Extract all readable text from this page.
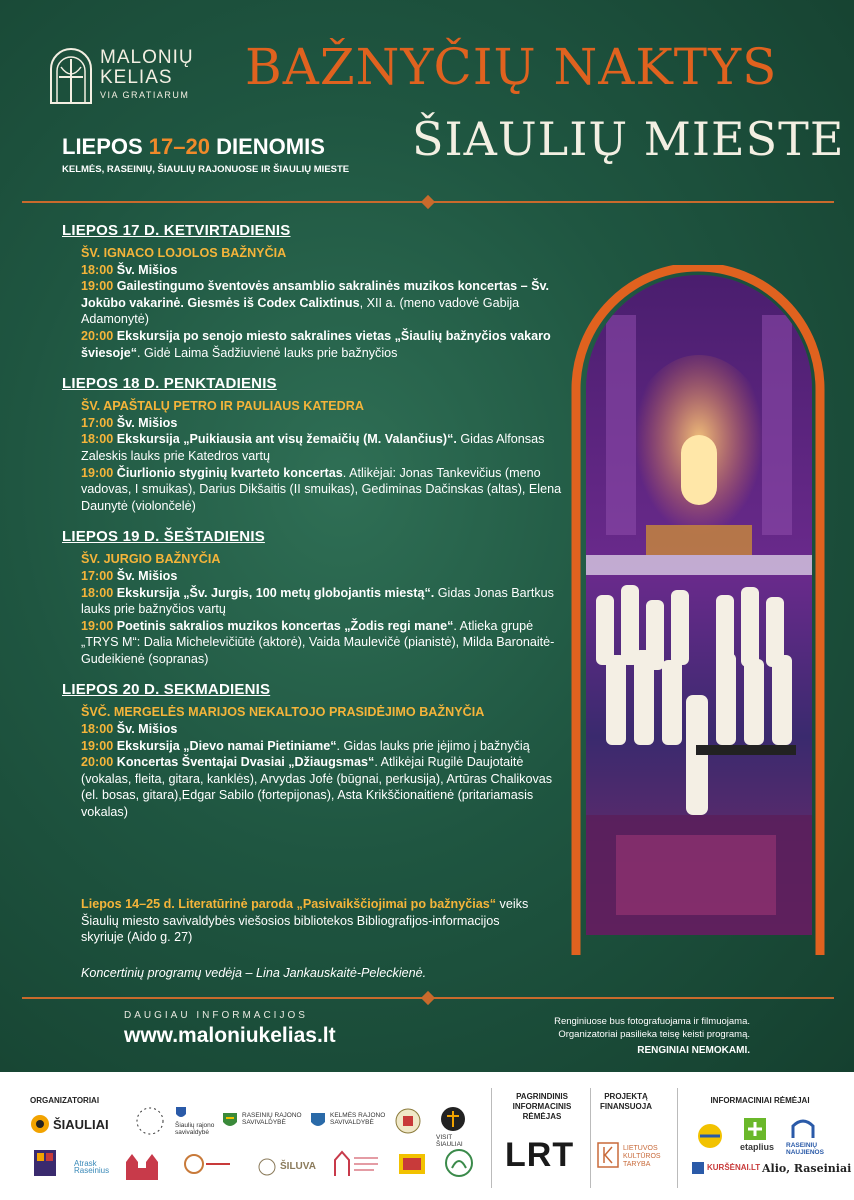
MALONIŲ
KELIAS
VIA GRATIARUM BAŽNYČIŲ NAKTYS
ŠIAULIŲ MIESTE
LIEPOS 17–20 DIENOMIS
KELMĖS, RASEINIŲ, ŠIAULIŲ RAJONUOSE IR ŠIAULIŲ MIESTE
LIEPOS 17 D. KETVIRTADIENIS
ŠV. IGNACO LOJOLOS BAŽNYČIA
18:00 Šv. Mišios
19:00 Gailestingumo šventovės ansamblio sakralinės muzikos koncertas – Šv. Jokūbo vakarinė. Giesmės iš Codex Calixtinus, XII a. (meno vadovė Gabija Adamonytė)
20:00 Ekskursija po senojo miesto sakralines vietas „Šiaulių bažnyčios vakaro šviesoje“. Gidė Laima Šadžiuvienė lauks prie bažnyčios
LIEPOS 18 D. PENKTADIENIS
ŠV. APAŠTALŲ PETRO IR PAULIAUS KATEDRA
17:00 Šv. Mišios
18:00 Ekskursija „Puikiausia ant visų žemaičių (M. Valančius)“. Gidas Alfonsas Zaleskis lauks prie Katedros vartų
19:00 Čiurlionio styginių kvarteto koncertas. Atlikėjai: Jonas Tankevičius (meno vadovas, I smuikas), Darius Dikšaitis (II smuikas), Gediminas Dačinskas (altas), Elena Daunytė (violončelė)
LIEPOS 19 D. ŠEŠTADIENIS
ŠV. JURGIO BAŽNYČIA
17:00 Šv. Mišios
18:00 Ekskursija „Šv. Jurgis, 100 metų globojantis miestą“. Gidas Jonas Bartkus lauks prie bažnyčios vartų
19:00 Poetinis sakralios muzikos koncertas „Žodis regi mane“. Atlieka grupė „TRYS M“: Dalia Michelevičiūtė (aktorė), Vaida Maulevičė (pianistė), Milda Baronaitė-Gudeikienė (sopranas)
LIEPOS 20 D. SEKMADIENIS
ŠVČ. MERGELĖS MARIJOS NEKALTOJO PRASIDĖJIMO BAŽNYČIA
18:00 Šv. Mišios
19:00 Ekskursija „Dievo namai Pietiniame“. Gidas lauks prie įėjimo į bažnyčią
20:00 Koncertas Šventajai Dvasiai „Džiaugsmas“. Atlikėjai Rugilė Daujotaitė (vokalas, fleita, gitara, kanklės), Arvydas Jofė (būgnai, perkusija), Artūras Chalikovas (el. bosas, gitara),Edgar Sabilo (fortepijonas), Asta Krikščionaitienė (pritariamasis vokalas)
Liepos 14–25 d. Literatūrinė paroda „Pasivaikščiojimai po bažnyčias“ veiks Šiaulių miesto savivaldybės viešosios bibliotekos Bibliografijos-informacijos skyriuje (Aido g. 27)
Koncertinių programų vedėja – Lina Jankauskaitė-Peleckienė.
DAUGIAU INFORMACIJOS
www.maloniukelias.lt
Renginiuose bus fotografuojama ir filmuojama.
Organizatoriai pasilieka teisę keisti programą.
RENGINIAI NEMOKAMI.
ORGANIZATORIAI	PAGRINDINIS INFORMACINIS RĖMĖJAS
PROJEKTĄ FINANSUOJA
INFORMACINIAI RĖMĖJAI
ŠIAULIAI	Šiaulių rajono savivaldybė
RASEINIŲ RAJONO SAVIVALDYBĖ
KELMĖS RAJONO SAVIVALDYBĖ
VISIT ŠIAULIAI
Atrask Raseinius	ŠILUVA	LRT	LIETUVOS KULTŪROS TARYBA
etaplius RASEINIŲ NAUJIENOS
KURŠĖNAI.LT Alio, Raseiniai
